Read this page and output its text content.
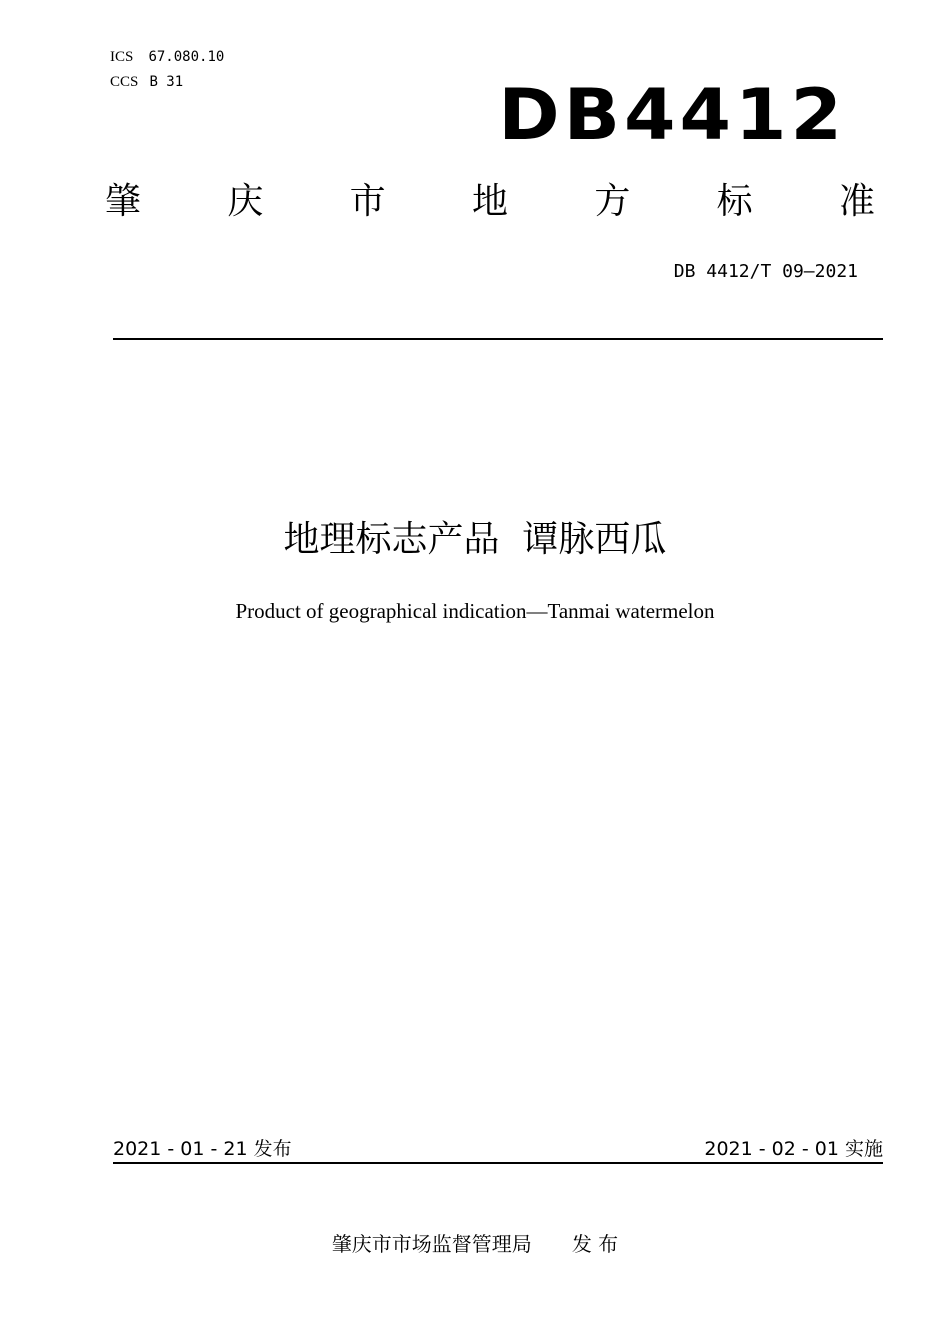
ICS 67.080.10
CCS B 31	DB4412
肇 庆 市 地 方 标 准
DB 4412/T 09—2021
地理标志产品  谭脉西瓜
Product of geographical indication—Tanmai watermelon
2021 - 01 - 21 发布	2021 - 02 - 01 实施
肇庆市市场监督管理局 发 布
